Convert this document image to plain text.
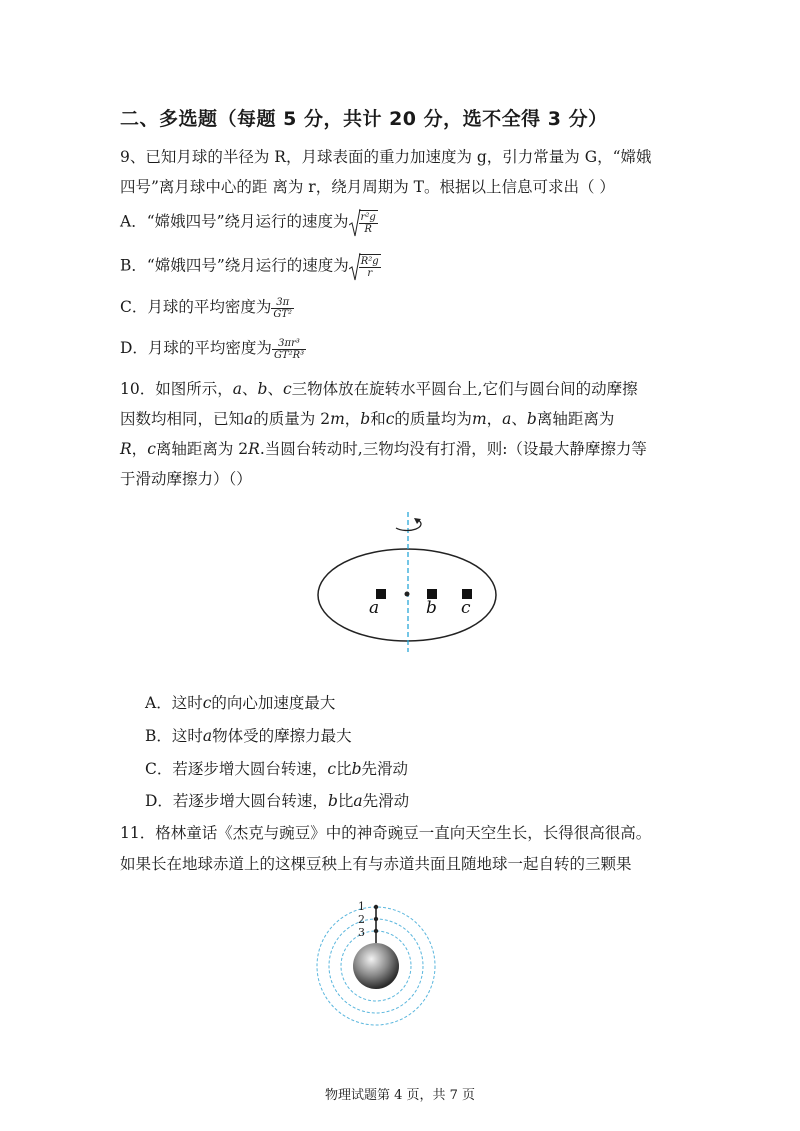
二、多选题（每题 5 分，共计 20 分，选不全得 3 分）
9、已知月球的半径为 R，月球表面的重力加速度为 g，引力常量为 G，“嫦娥
四号”离月球中心的距 离为 r，绕月周期为 T。根据以上信息可求出（ ）
A．“嫦娥四号”绕月运行的速度为 $\frac{\text{r²g}}{R}$
B．“嫦娥四号”绕月运行的速度为 $\frac{\text{R²g}}{r}$
C．月球的平均密度为 $\frac{3\pi}{\text{GT²}}$
D．月球的平均密度为 $\frac{\text{3πr³}}{\text{GT²R³}}$
10．如图所示，a、b、c三物体放在旋转水平圆台上,它们与圆台间的动摩擦
因数均相同，已知a的质量为 2m，b和c的质量均为m，a、b离轴距离为
R，c离轴距离为 2R.当圆台转动时,三物均没有打滑，则:（设最大静摩擦力等
于滑动摩擦力）（）
a	b c
A．这时c的向心加速度最大
B．这时a物体受的摩擦力最大
C．若逐步增大圆台转速，c比b先滑动
D．若逐步增大圆台转速，b比a先滑动
11．格林童话《杰克与豌豆》中的神奇豌豆一直向天空生长，长得很高很高。
如果长在地球赤道上的这棵豆秧上有与赤道共面且随地球一起自转的三颗果
1
2
3
物理试题第 4 页，共 7 页
